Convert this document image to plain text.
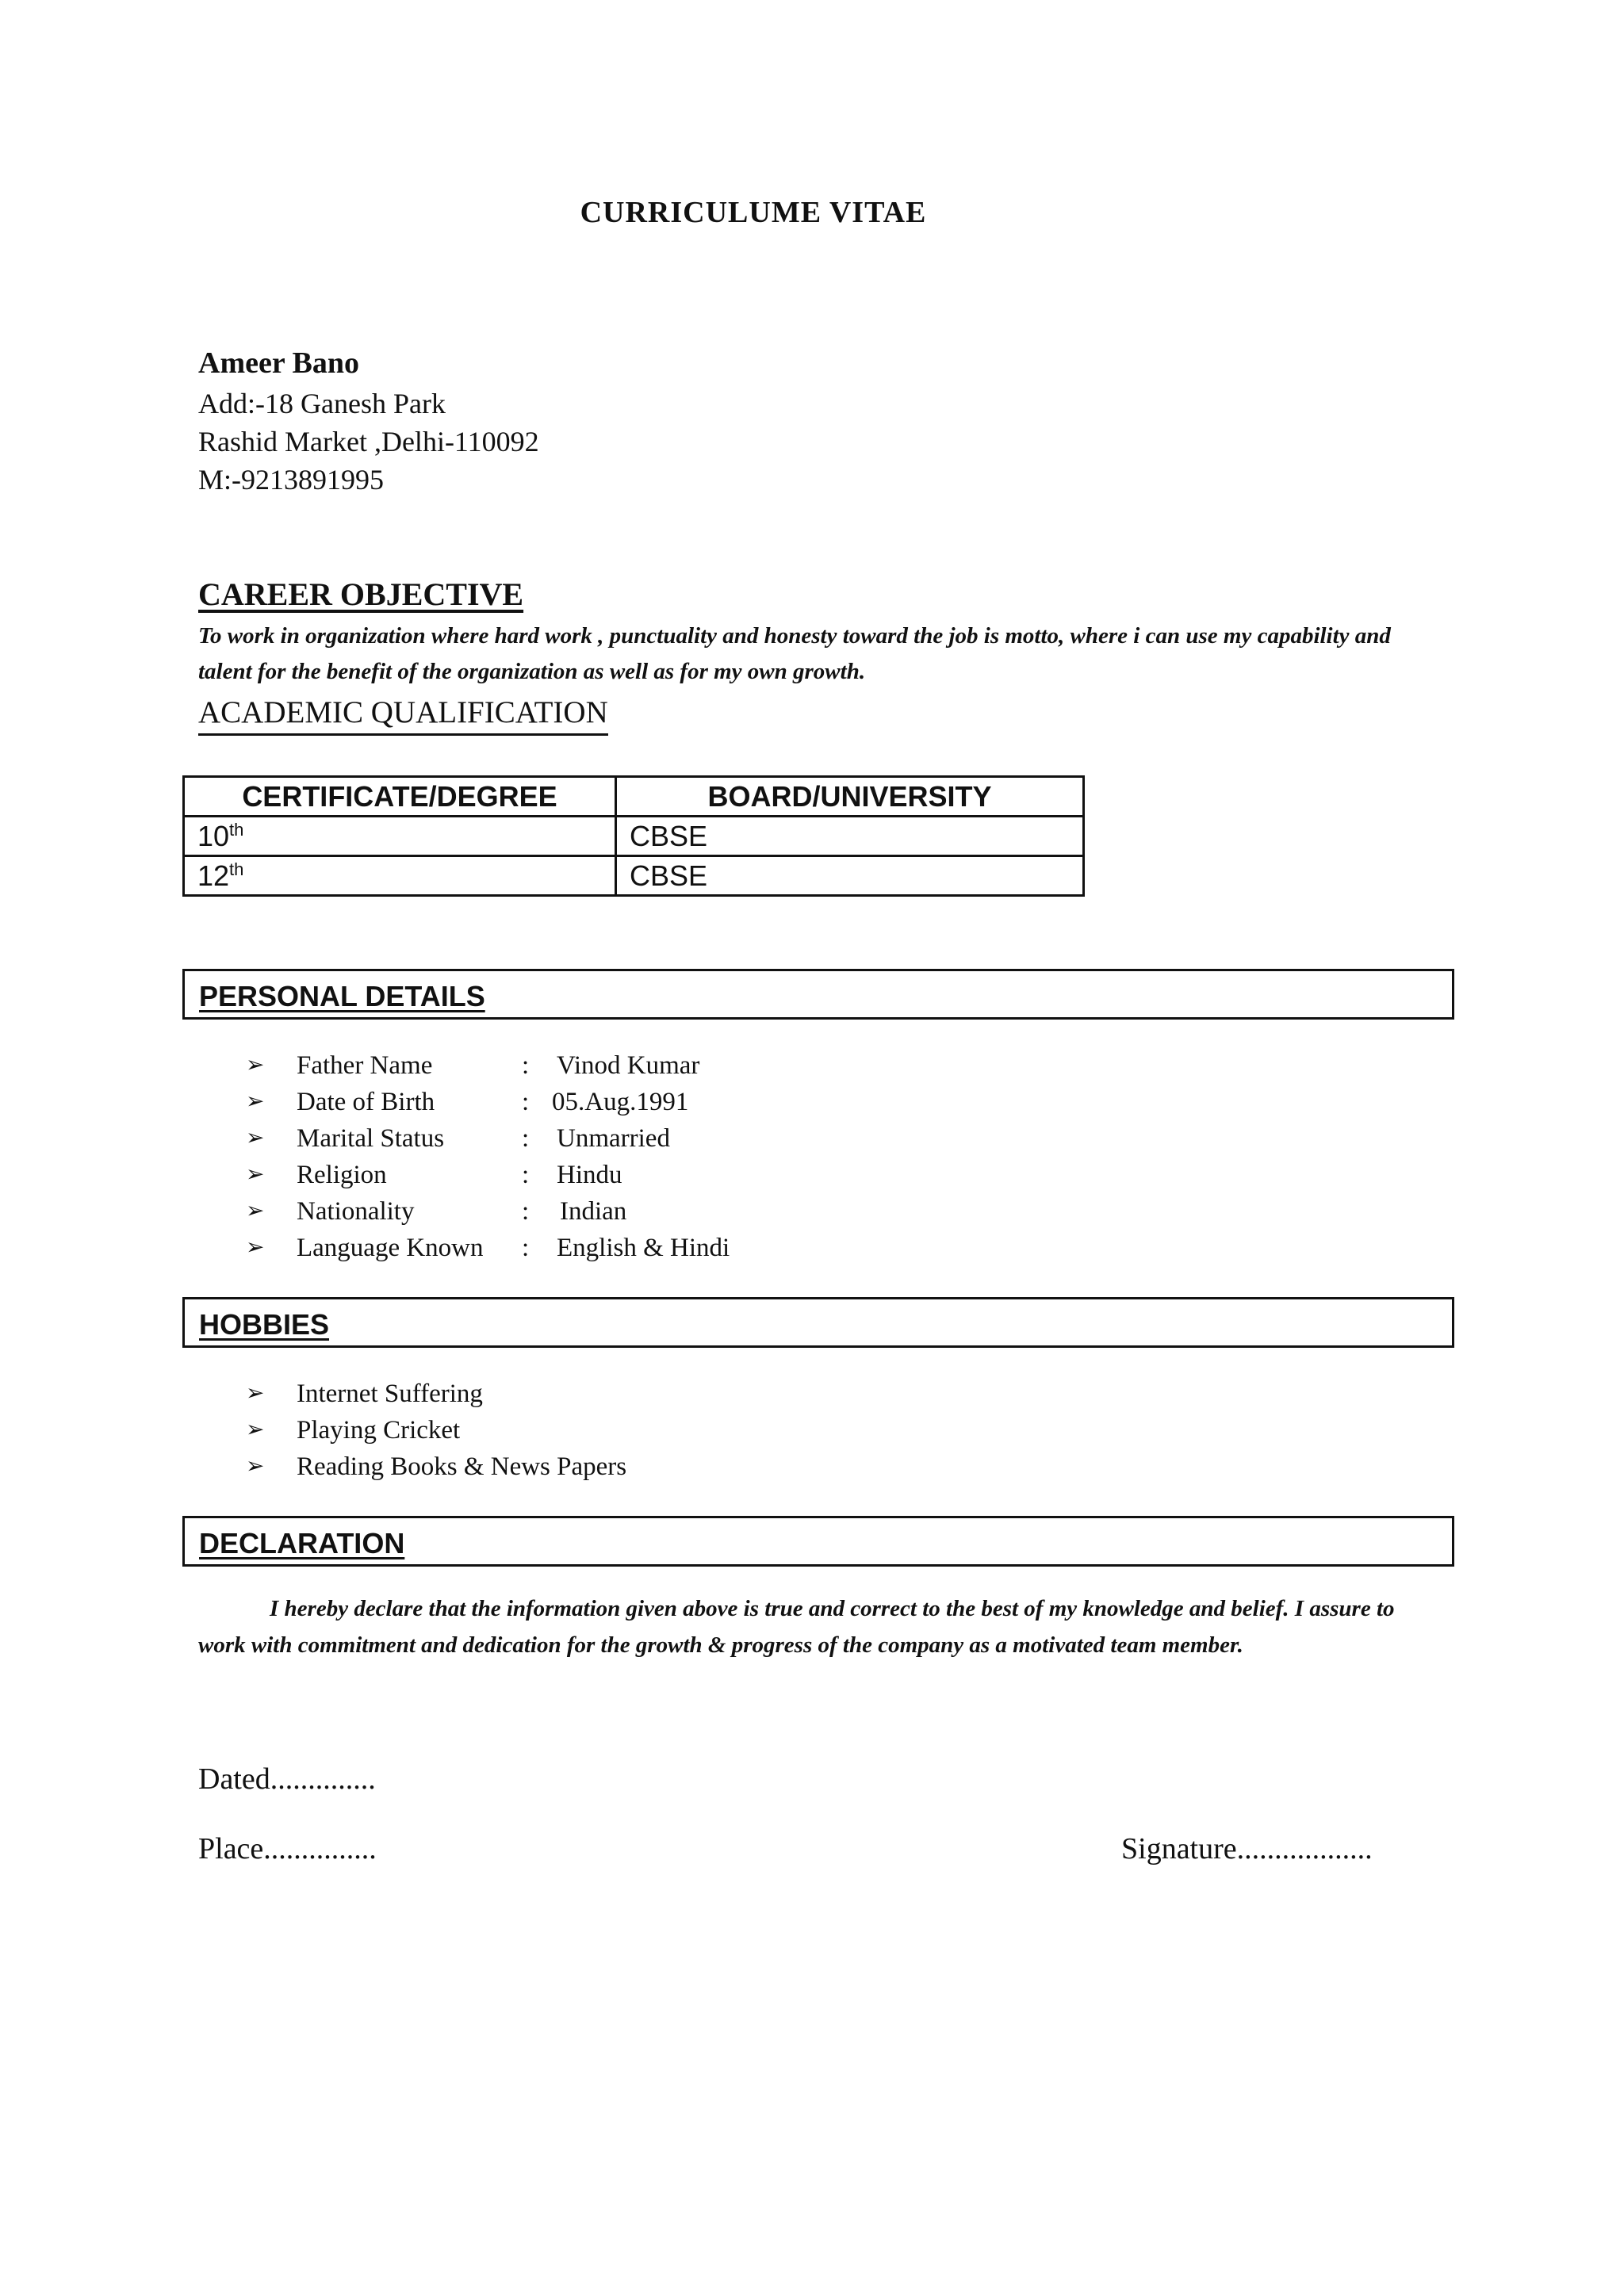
CURRICULUME VITAE
Ameer Bano
Add:-18 Ganesh Park
Rashid Market ,Delhi-110092
M:-9213891995
CAREER OBJECTIVE
To work in organization where hard work , punctuality and honesty toward the job is motto, where i can use my capability and talent for the benefit of the organization as well as for my own growth.
ACADEMIC QUALIFICATION
CERTIFICATE/DEGREE	BOARD/UNIVERSITY
10th	CBSE
12th	CBSE
PERSONAL DETAILS
➢ Father Name	: Vinod Kumar
➢ Date of Birth	: 05.Aug.1991
➢ Marital Status	: Unmarried
➢ Religion	: Hindu
➢ Nationality	: Indian
➢ Language Known : English & Hindi
HOBBIES
➢ Internet Suffering
➢ Playing Cricket
➢ Reading Books & News Papers
DECLARATION
I hereby declare that the information given above is true and correct to the best of my knowledge and belief. I assure to work with commitment and dedication for the growth & progress of the company as a motivated team member.
Dated..............
Place...............	Signature..................
